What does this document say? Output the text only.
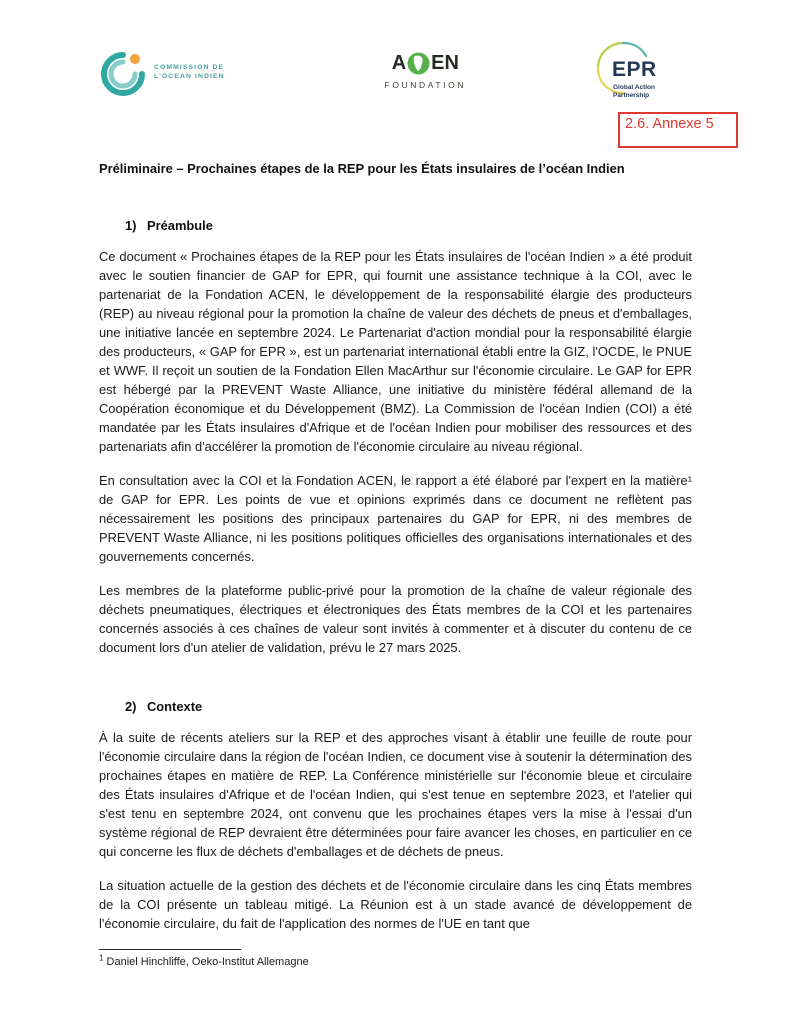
COMMISSION DE
L'OCEAN INDIEN
A EN
FOUNDATION
EPR
Global Action
Partnership
2.6. Annexe 5
Préliminaire – Prochaines étapes de la REP pour les États insulaires de l’océan Indien
1) Préambule

Ce document « Prochaines étapes de la REP pour les États insulaires de l'océan Indien » a été produit avec le soutien financier de GAP for EPR, qui fournit une assistance technique à la COI, avec le partenariat de la Fondation ACEN, le développement de la responsabilité élargie des producteurs (REP) au niveau régional pour la promotion la chaîne de valeur des déchets de pneus et d'emballages, une initiative lancée en septembre 2024. Le Partenariat d'action mondial pour la responsabilité élargie des producteurs, « GAP for EPR », est un partenariat international établi entre la GIZ, l'OCDE, le PNUE et WWF. Il reçoit un soutien de la Fondation Ellen MacArthur sur l'économie circulaire. Le GAP for EPR est hébergé par la PREVENT Waste Alliance, une initiative du ministère fédéral allemand de la Coopération économique et du Développement (BMZ). La Commission de l'océan Indien (COI) a été mandatée par les États insulaires d'Afrique et de l'océan Indien pour mobiliser des ressources et des partenariats afin d'accélérer la promotion de l'économie circulaire au niveau régional.

En consultation avec la COI et la Fondation ACEN, le rapport a été élaboré par l'expert en la matière¹ de GAP for EPR. Les points de vue et opinions exprimés dans ce document ne reflètent pas nécessairement les positions des principaux partenaires du GAP for EPR, ni des membres de PREVENT Waste Alliance, ni les positions politiques officielles des organisations internationales et des gouvernements concernés.

Les membres de la plateforme public-privé pour la promotion de la chaîne de valeur régionale des déchets pneumatiques, électriques et électroniques des États membres de la COI et les partenaires concernés associés à ces chaînes de valeur sont invités à commenter et à discuter du contenu de ce document lors d'un atelier de validation, prévu le 27 mars 2025.

2) Contexte

À la suite de récents ateliers sur la REP et des approches visant à établir une feuille de route pour l'économie circulaire dans la région de l'océan Indien, ce document vise à soutenir la détermination des prochaines étapes en matière de REP. La Conférence ministérielle sur l'économie bleue et circulaire des États insulaires d'Afrique et de l'océan Indien, qui s'est tenue en septembre 2023, et l'atelier qui s'est tenu en septembre 2024, ont convenu que les prochaines étapes vers la mise à l'essai d'un système régional de REP devraient être déterminées pour faire avancer les choses, en particulier en ce qui concerne les flux de déchets d'emballages et de déchets de pneus.

La situation actuelle de la gestion des déchets et de l'économie circulaire dans les cinq États membres de la COI présente un tableau mitigé. La Réunion est à un stade avancé de développement de l'économie circulaire, du fait de l'application des normes de l'UE en tant que

$^1$ Daniel Hinchliffe, Oeko-Institut Allemagne
